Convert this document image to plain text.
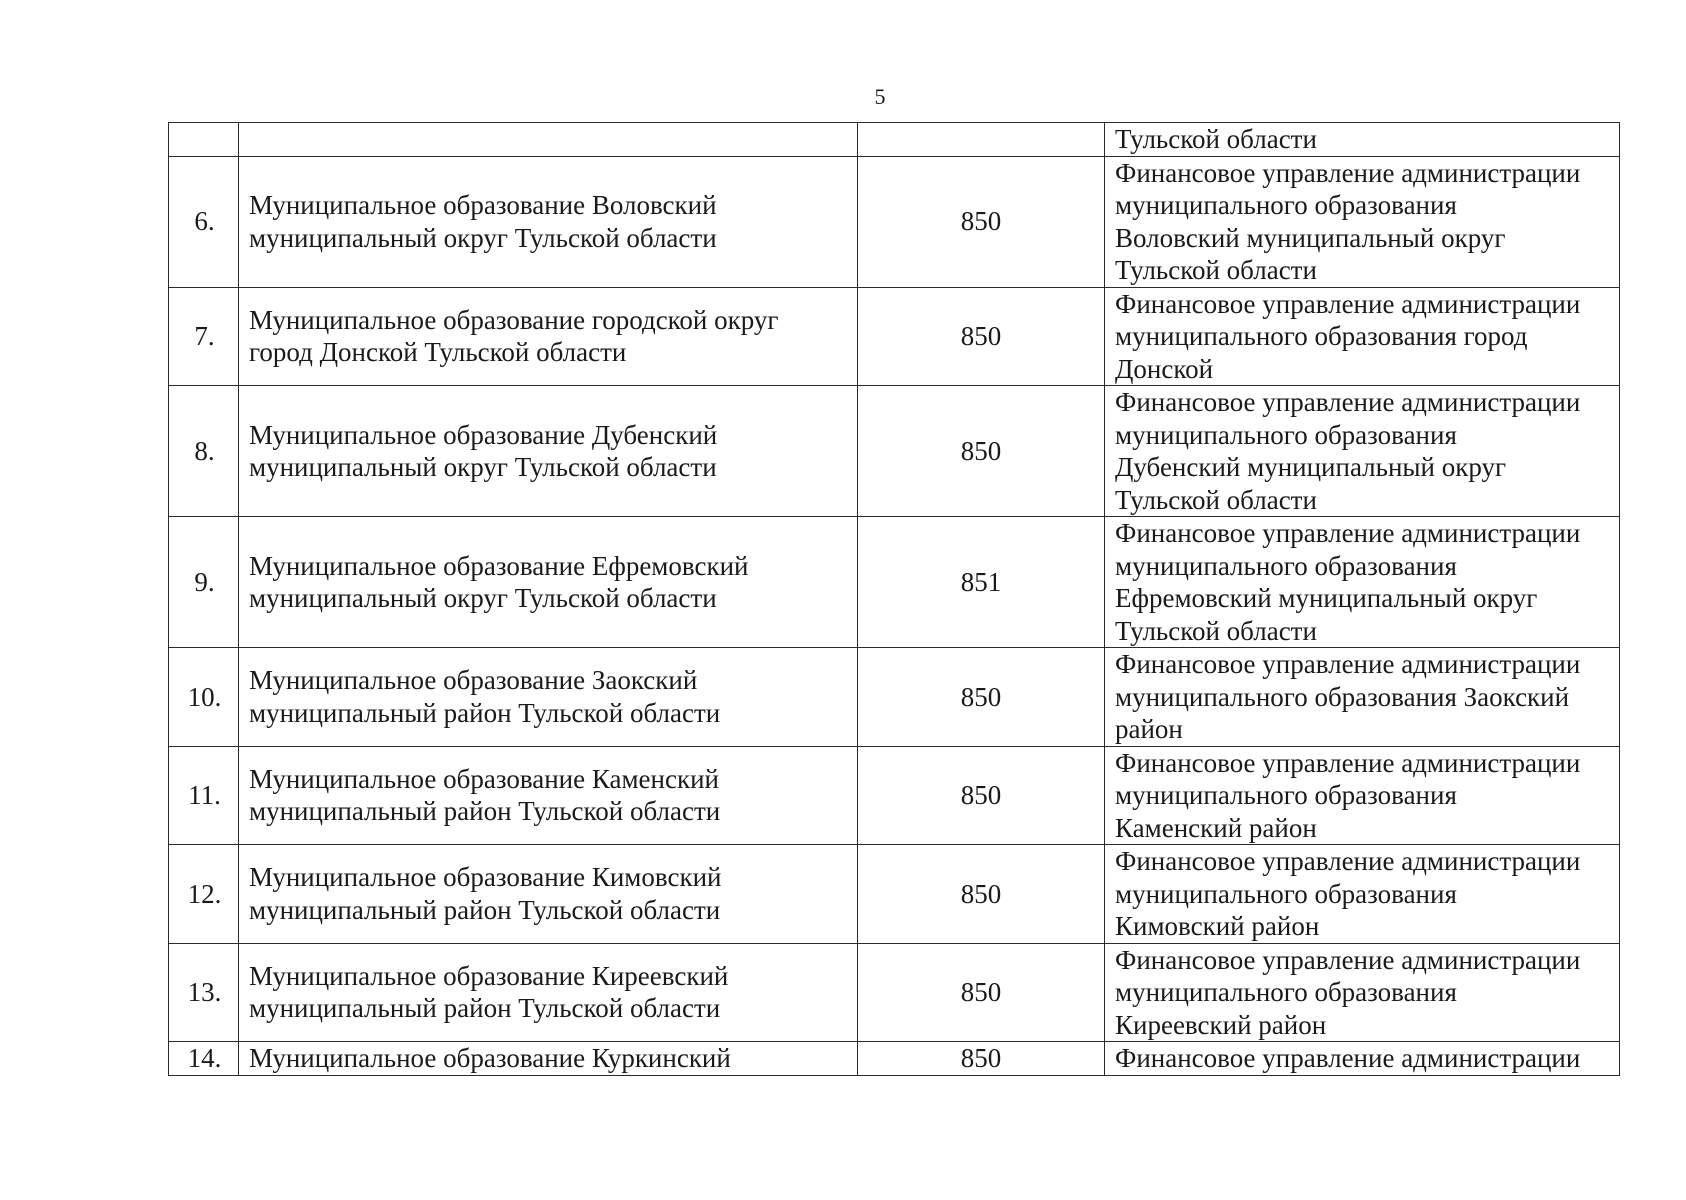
5

			Тульской области

6.	Муниципальное образование Воловский
муниципальный округ Тульской области	850	Финансовое управление администрации
муниципального образования
Воловский муниципальный округ
Тульской области

7.	Муниципальное образование городской округ
город Донской Тульской области	850	Финансовое управление администрации
муниципального образования город
Донской

8.	Муниципальное образование Дубенский
муниципальный округ Тульской области	850	Финансовое управление администрации
муниципального образования
Дубенский муниципальный округ
Тульской области

9.	Муниципальное образование Ефремовский
муниципальный округ Тульской области	851	Финансовое управление администрации
муниципального образования
Ефремовский муниципальный округ
Тульской области

10.	Муниципальное образование Заокский
муниципальный район Тульской области	850	Финансовое управление администрации
муниципального образования Заокский
район

11.	Муниципальное образование Каменский
муниципальный район Тульской области	850	Финансовое управление администрации
муниципального образования
Каменский район

12.	Муниципальное образование Кимовский
муниципальный район Тульской области	850	Финансовое управление администрации
муниципального образования
Кимовский район

13.	Муниципальное образование Киреевский
муниципальный район Тульской области	850	Финансовое управление администрации
муниципального образования
Киреевский район

14.	Муниципальное образование Куркинский	850	Финансовое управление администрации
